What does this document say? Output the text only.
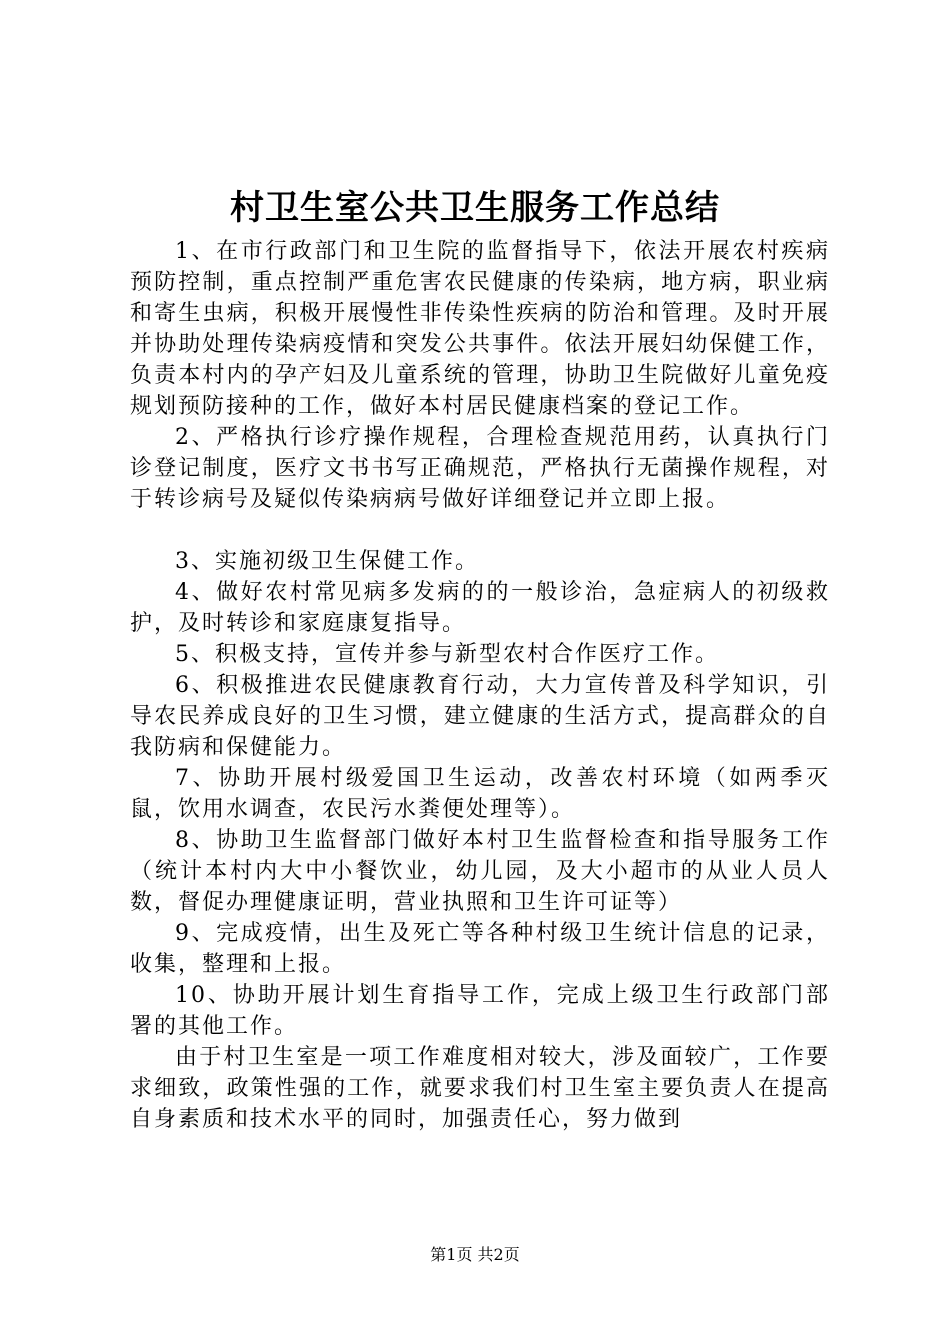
村卫生室公共卫生服务工作总结

1、在市行政部门和卫生院的监督指导下，依法开展农村疾病预防控制，重点控制严重危害农民健康的传染病，地方病，职业病和寄生虫病，积极开展慢性非传染性疾病的防治和管理。及时开展并协助处理传染病疫情和突发公共事件。依法开展妇幼保健工作，负责本村内的孕产妇及儿童系统的管理，协助卫生院做好儿童免疫规划预防接种的工作，做好本村居民健康档案的登记工作。

2、严格执行诊疗操作规程，合理检查规范用药，认真执行门诊登记制度，医疗文书书写正确规范，严格执行无菌操作规程，对于转诊病号及疑似传染病病号做好详细登记并立即上报。

3、实施初级卫生保健工作。

4、做好农村常见病多发病的的一般诊治，急症病人的初级救护，及时转诊和家庭康复指导。

5、积极支持，宣传并参与新型农村合作医疗工作。

6、积极推进农民健康教育行动，大力宣传普及科学知识，引导农民养成良好的卫生习惯，建立健康的生活方式，提高群众的自我防病和保健能力。

7、协助开展村级爱国卫生运动，改善农村环境（如两季灭鼠，饮用水调查，农民污水粪便处理等）。

8、协助卫生监督部门做好本村卫生监督检查和指导服务工作（统计本村内大中小餐饮业，幼儿园，及大小超市的从业人员人数，督促办理健康证明，营业执照和卫生许可证等）

9、完成疫情，出生及死亡等各种村级卫生统计信息的记录，收集，整理和上报。

10、协助开展计划生育指导工作，完成上级卫生行政部门部署的其他工作。

由于村卫生室是一项工作难度相对较大，涉及面较广，工作要求细致，政策性强的工作，就要求我们村卫生室主要负责人在提高自身素质和技术水平的同时，加强责任心，努力做到

第1页 共2页
